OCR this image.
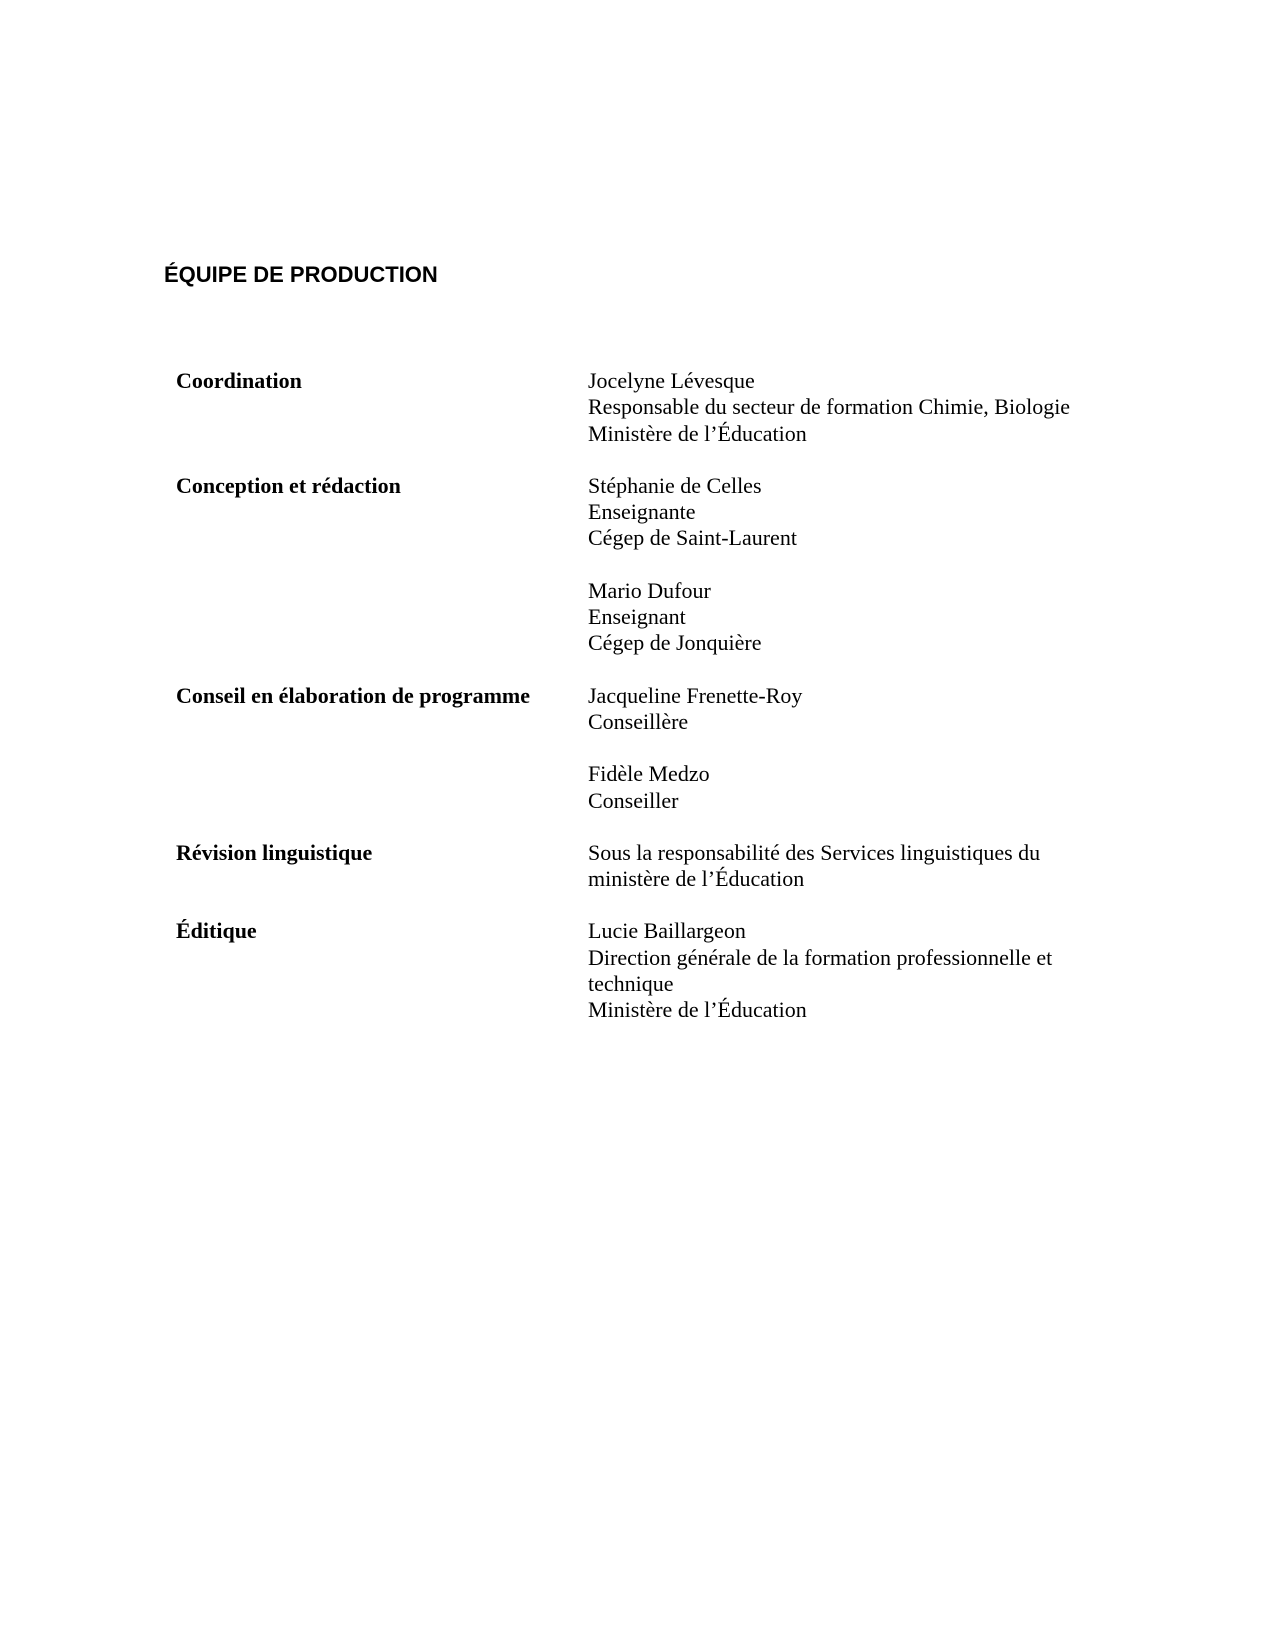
ÉQUIPE DE PRODUCTION
Coordination	Jocelyne Lévesque
Responsable du secteur de formation Chimie, Biologie
Ministère de l’Éducation
Conception et rédaction	Stéphanie de Celles
Enseignante
Cégep de Saint-Laurent
Mario Dufour
Enseignant
Cégep de Jonquière
Conseil en élaboration de programme	Jacqueline Frenette-Roy
Conseillère
Fidèle Medzo
Conseiller
Révision linguistique	Sous la responsabilité des Services linguistiques du
ministère de l’Éducation
Éditique	Lucie Baillargeon
Direction générale de la formation professionnelle et
technique
Ministère de l’Éducation
